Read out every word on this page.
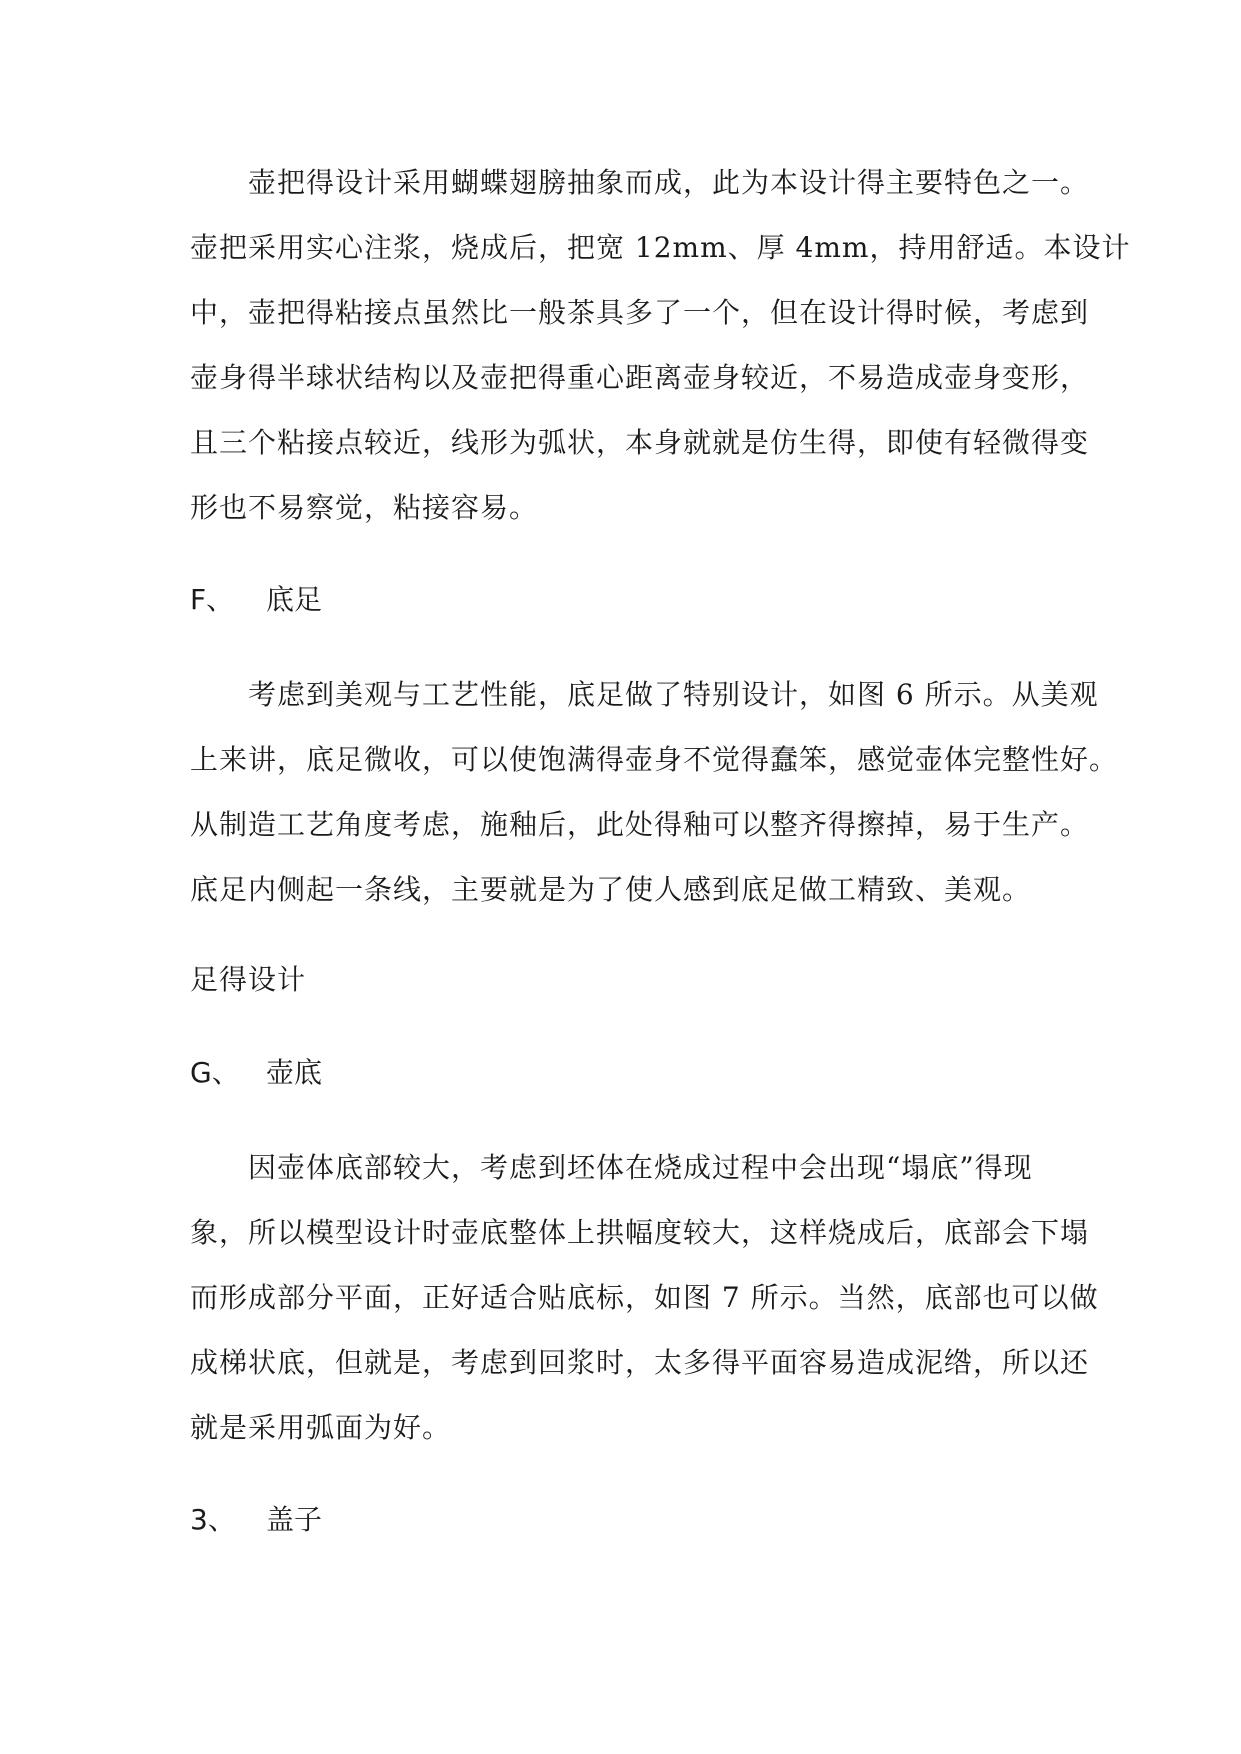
壶把得设计采用蝴蝶翅膀抽象而成，此为本设计得主要特色之一。
壶把采用实心注浆，烧成后，把宽 12mm、厚 4mm，持用舒适。本设计
中，壶把得粘接点虽然比一般茶具多了一个，但在设计得时候，考虑到
壶身得半球状结构以及壶把得重心距离壶身较近，不易造成壶身变形，
且三个粘接点较近，线形为弧状，本身就就是仿生得，即使有轻微得变
形也不易察觉，粘接容易。
F、 底足
考虑到美观与工艺性能，底足做了特别设计，如图 6 所示。从美观
上来讲，底足微收，可以使饱满得壶身不觉得蠢笨，感觉壶体完整性好。
从制造工艺角度考虑，施釉后，此处得釉可以整齐得擦掉，易于生产。
底足内侧起一条线，主要就是为了使人感到底足做工精致、美观。
足得设计
G、 壶底
因壶体底部较大，考虑到坯体在烧成过程中会出现“塌底”得现
象，所以模型设计时壶底整体上拱幅度较大，这样烧成后，底部会下塌
而形成部分平面，正好适合贴底标，如图 7 所示。当然，底部也可以做
成梯状底，但就是，考虑到回浆时，太多得平面容易造成泥绺，所以还
就是采用弧面为好。
3、 盖子
